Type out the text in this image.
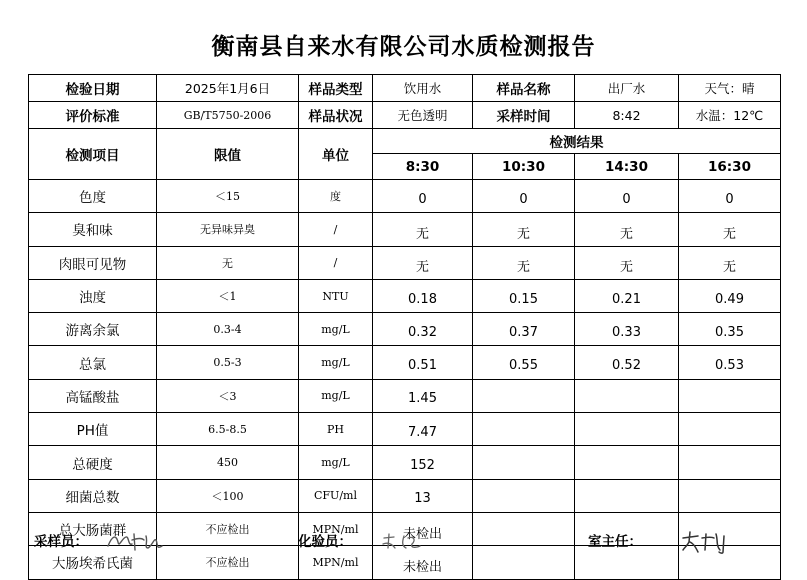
衡南县自来水有限公司水质检测报告
检验日期	2025年1月6日	样品类型	饮用水	样品名称	出厂水	天气：晴
评价标准	GB/T5750-2006	样品状况	无色透明	采样时间	8:42	水温：12℃
检测项目	限值	单位	检测结果			
			8:30	10:30	14:30	16:30
色度	＜15	度	0	0	0	0
臭和味	无异味异臭	/	无	无	无	无
肉眼可见物	无	/	无	无	无	无
浊度	＜1	NTU	0.18	0.15	0.21	0.49
游离余氯	0.3-4	mg/L	0.32	0.37	0.33	0.35
总氯	0.5-3	mg/L	0.51	0.55	0.52	0.53
高锰酸盐	＜3	mg/L	1.45			
PH值	6.5-8.5	PH	7.47			
总硬度	450	mg/L	152			
细菌总数	＜100	CFU/ml	13			
总大肠菌群	不应检出	MPN/ml	未检出			
大肠埃希氏菌	不应检出	MPN/ml	未检出			
采样员：	化验员：	室主任：
